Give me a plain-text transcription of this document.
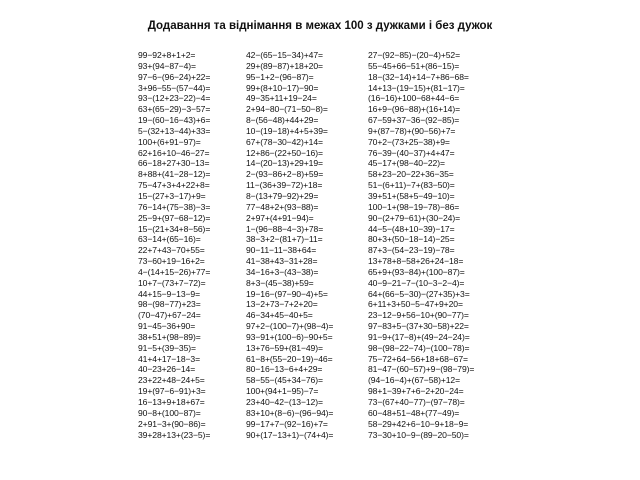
Додавання та віднімання в межах 100 з дужками і без дужок
99−92+8+1+2=
93+(94−87−4)=
97−6−(96−24)+22=
3+96−55−(57−44)=
93−(12+23−22)−4=
63+(65−29)−3−57=
19−(60−16−43)+6=
5−(32+13−44)+33=
100+(6+91−97)=
62+16+10−46−27=
66−18+27+30−13=
8+88+(41−28−12)=
75−47+3+4+22+8=
15−(27+3−17)+9=
76−14+(75−38)−3=
25−9+(97−68−12)=
15−(21+34+8−56)=
63−14+(65−16)=
22+7+43−70+55=
73−60+19−16+2=
4−(14+15−26)+77=
10+7−(73+7−72)=
44+15−9−13−9=
98−(98−77)+23=
(70−47)+67−24=
91−45−36+90=
38+51+(98−89)=
91−5+(39−35)=
41+4+17−18−3=
40−23+26−14=
23+22+48−24+5=
19+(97−6−91)+3=
16−13+9+18+67=
90−8+(100−87)=
2+91−3+(90−86)=
39+28+13+(23−5)=
42−(65−15−34)+47=
29+(89−87)+18+20=
95−1+2−(96−87)=
99+(8+10−17)−90=
49−35+11+19−24=
2+94−80−(71−50−8)=
8−(56−48)+44+29=
10−(19−18)+4+5+39=
67+(78−30−42)+14=
12+86−(22+50−16)=
14−(20−13)+29+19=
2−(93−86+2−8)+59=
11−(36+39−72)+18=
8−(13+79−92)+29=
77−48+2+(93−88)=
2+97+(4+91−94)=
1−(96−88−4−3)+78=
38−3+2−(81+7)−11=
90−11−11−38+64=
41−38+43−31+28=
34−16+3−(43−38)=
8+3−(45−38)+59=
19−16−(97−90−4)+5=
13−2+73−7+2+20=
46−34+45−40+5=
97+2−(100−7)+(98−4)=
93−91+(100−6)−90+5=
13+76−59+(81−49)=
61−8+(55−20−19)−46=
80−16−13−6+4+29=
58−55−(45+34−76)=
100+(94+1−95)−7=
23+40−42−(13−12)=
83+10+(8−6)−(96−94)=
99−17+7−(92−16)+7=
90+(17−13+1)−(74+4)=
27−(92−85)−(20−4)+52=
55−45+66−51+(86−15)=
18−(32−14)+14−7+86−68=
14+13−(19−15)+(81−17)=
(16−16)+100−68+44−6=
16+9−(96−88)+(16+14)=
67−59+37−36−(92−85)=
9+(87−78)+(90−56)+7=
70+2−(73+25−38)+9=
76−39−(40−37)+4+47=
45−17+(98−40−22)=
58+23−20−22+36−35=
51−(6+11)−7+(83−50)=
39+51+(58+5−49−10)=
100−1+(98−19−78)−86=
90−(2+79−61)+(30−24)=
44−5−(48+10−39)−17=
80+3+(50−18−14)−25=
87+3−(54−23−19)−78=
13+78+8−58+26+24−18=
65+9+(93−84)+(100−87)=
40−9−21−7−(10−3−2−4)=
64+(66−5−30)−(27+35)+3=
6+11+3+50−5−47+9+20=
23−12−9+56−10+(90−77)=
97−83+5−(37+30−58)+22=
91−9+(17−8)+(49−24−24)=
98−(98−22−74)−(100−78)=
75−72+64−56+18+68−67=
81−47−(60−57)+9−(98−79)=
(94−16−4)+(67−58)+12=
98+1−39+7+6−2+20−24=
73−(67+40−77)−(97−78)=
60−48+51−48+(77−49)=
58−29+42+6−10−9+18−9=
73−30+10−9−(89−20−50)=
